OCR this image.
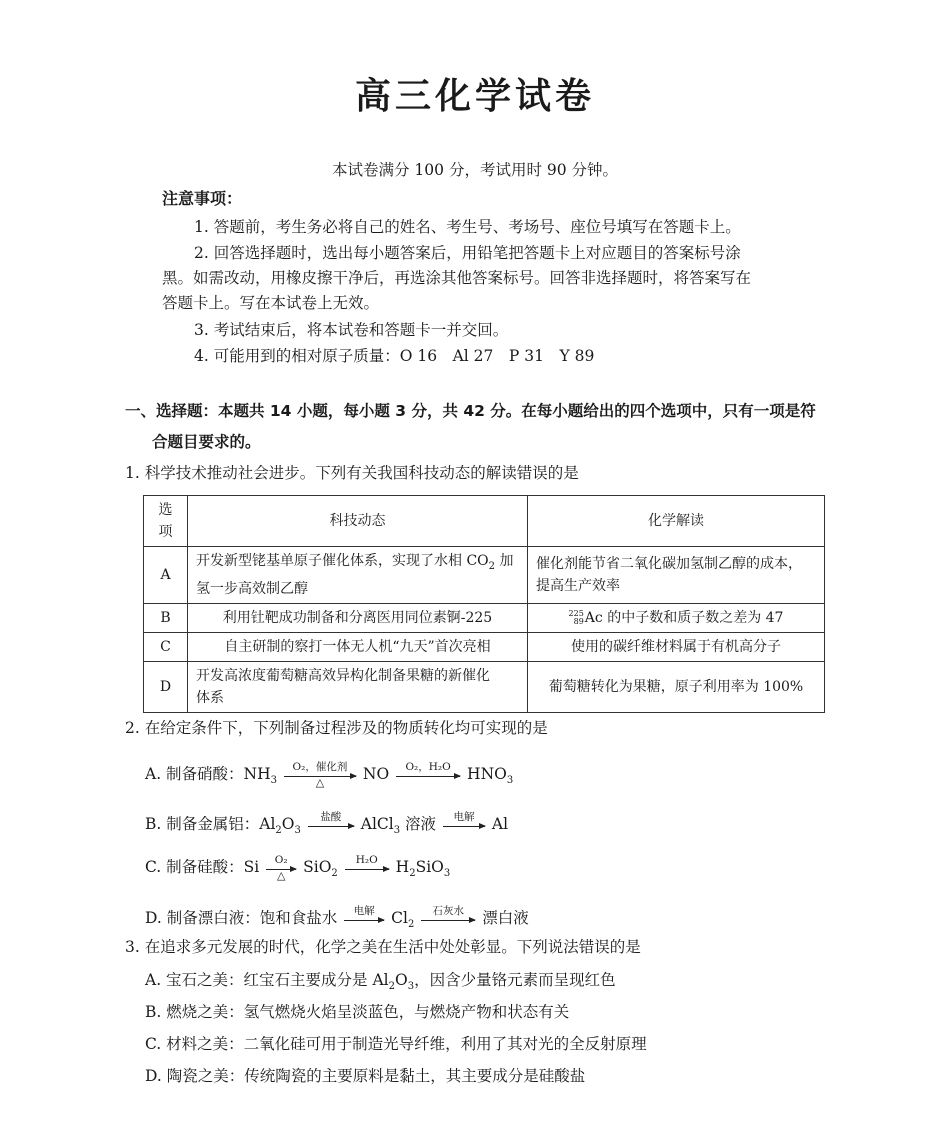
高三化学试卷
本试卷满分 100 分，考试用时 90 分钟。
注意事项：
1. 答题前，考生务必将自己的姓名、考生号、考场号、座位号填写在答题卡上。
2. 回答选择题时，选出每小题答案后，用铅笔把答题卡上对应题目的答案标号涂
黑。如需改动，用橡皮擦干净后，再选涂其他答案标号。回答非选择题时，将答案写在
答题卡上。写在本试卷上无效。
3. 考试结束后，将本试卷和答题卡一并交回。
4. 可能用到的相对原子质量：O 16　Al 27　P 31　Y 89
一、选择题：本题共 14 小题，每小题 3 分，共 42 分。在每小题给出的四个选项中，只有一项是符
合题目要求的。
1. 科学技术推动社会进步。下列有关我国科技动态的解读错误的是
选项	科技动态	化学解读
A	开发新型铑基单原子催化体系，实现了水相 $CO_2$ 加
氢一步高效制乙醇	催化剂能节省二氧化碳加氢制乙醇的成本，
提高生产效率
B	利用钍靶成功制备和分离医用同位素锕-225	225
89 Ac 的中子数和质子数之差为 47
C	自主研制的察打一体无人机“九天”首次亮相	使用的碳纤维材料属于有机高分子
D	开发高浓度葡萄糖高效异构化制备果糖的新催化
体系	葡萄糖转化为果糖，原子利用率为 100%
2. 在给定条件下，下列制备过程涉及的物质转化均可实现的是
A. 制备硝酸：$NH_3$
O₂，催化剂
△	NO	O₂，H₂O	$HNO_3$
B. 制备金属铝：$Al_2O_3$
盐酸	AlCl$_3$ 溶液	电解	Al
C. 制备硅酸：Si	O₂
△	SiO$_2$
H₂O	$H_2SiO_3$
D. 制备漂白液：饱和食盐水	电解	$Cl_2$
石灰水	漂白液
3. 在追求多元发展的时代，化学之美在生活中处处彰显。下列说法错误的是
A. 宝石之美：红宝石主要成分是 $Al_2O_3$，因含少量铬元素而呈现红色
B. 燃烧之美：氢气燃烧火焰呈淡蓝色，与燃烧产物和状态有关
C. 材料之美：二氧化硅可用于制造光导纤维，利用了其对光的全反射原理
D. 陶瓷之美：传统陶瓷的主要原料是黏土，其主要成分是硅酸盐
